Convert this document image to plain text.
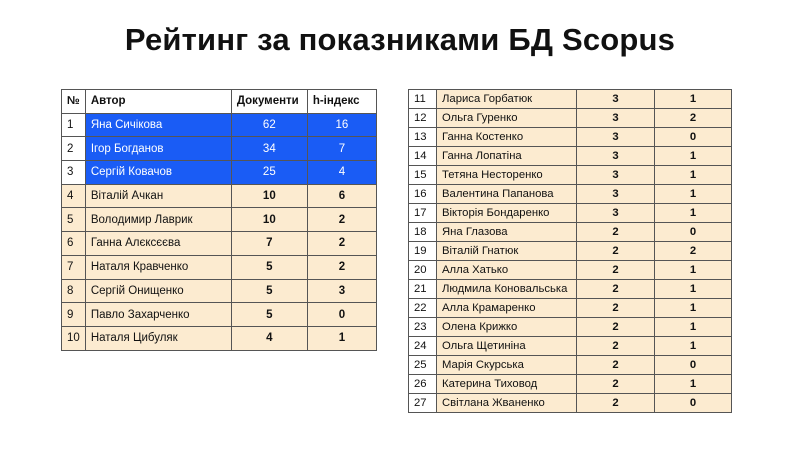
Рейтинг за показниками БД Scopus
№	Автор	Документи	h-індекс
1	Яна Сичікова	62	16
2	Ігор Богданов	34	7
3	Сергій Ковачов	25	4
4	Віталій Ачкан	10	6
5	Володимир Лаврик	10	2
6	Ганна Алєксєєва	7	2
7	Наталя Кравченко	5	2
8	Сергій Онищенко	5	3
9	Павло Захарченко	5	0
10	Наталя Цибуляк	4	1
11	Лариса Горбатюк	3	1
12	Ольга Гуренко	3	2
13	Ганна Костенко	3	0
14	Ганна Лопатіна	3	1
15	Тетяна Несторенко	3	1
16	Валентина Папанова	3	1
17	Вікторія Бондаренко	3	1
18	Яна Глазова	2	0
19	Віталій Гнатюк	2	2
20	Алла Хатько	2	1
21	Людмила Коновальська	2	1
22	Алла Крамаренко	2	1
23	Олена Крижко	2	1
24	Ольга Щетиніна	2	1
25	Марія Скурська	2	0
26	Катерина Тиховод	2	1
27	Світлана Жваненко	2	0
